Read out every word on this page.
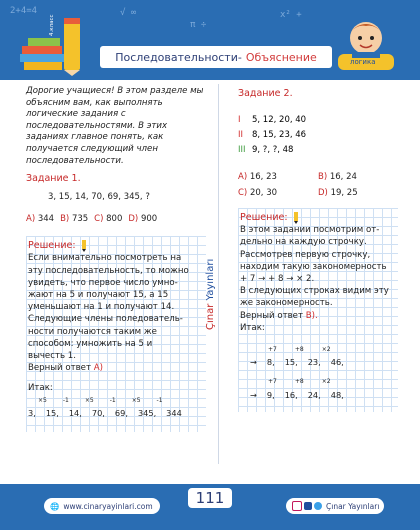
2+4=4	√ ∞
π ÷
x² +
Последовательности - Объяснение
4.класс
логика

Дорогие учащиеся! В этом разделе мы объясним вам, как выполнять логические задания с последовательностями. В этих заданиях главное понять, как получается следующий член последовательности.

Задание 1.

3, 15, 14, 70, 69, 345, ?
A) 344 B) 735 C) 800 D) 900
Решение:
Если внимательно посмотреть на
эту последовательность, то можно
увидеть, что первое число умно-
жают на 5 и получают 15, а 15
уменьшают на 1 и получают 14.
Следующие члены поледователь-
ности получаются таким же
способом: умножить на 5 и
вычесть 1.
Верный ответ A)
Итак:
×5	-1	×5	-1	×5	-1
3, 15, 14, 70, 69, 345, 344
Çınar Yayınları

Задание 2.

I 5, 12, 20, 40
II 8, 15, 23, 46
III 9, ?, ?, 48
A) 16, 23	B) 16, 24
C) 20, 30	D) 19, 25
Решение:
В этом задании посмотрим от-
дельно на каждую строчку.
Рассмотрев первую строчку,
находим такую закономерность
+ 7 → + 8 → × 2.
В следующих строках видим эту
же закономерность.
Верный ответ B).
Итак:
+7	+8	×2
→ 8, 15, 23, 46,
+7	+8	×2
→ 9, 16, 24, 48,
🌐 www.cinaryayinlari.com	111	Çınar Yayınları
